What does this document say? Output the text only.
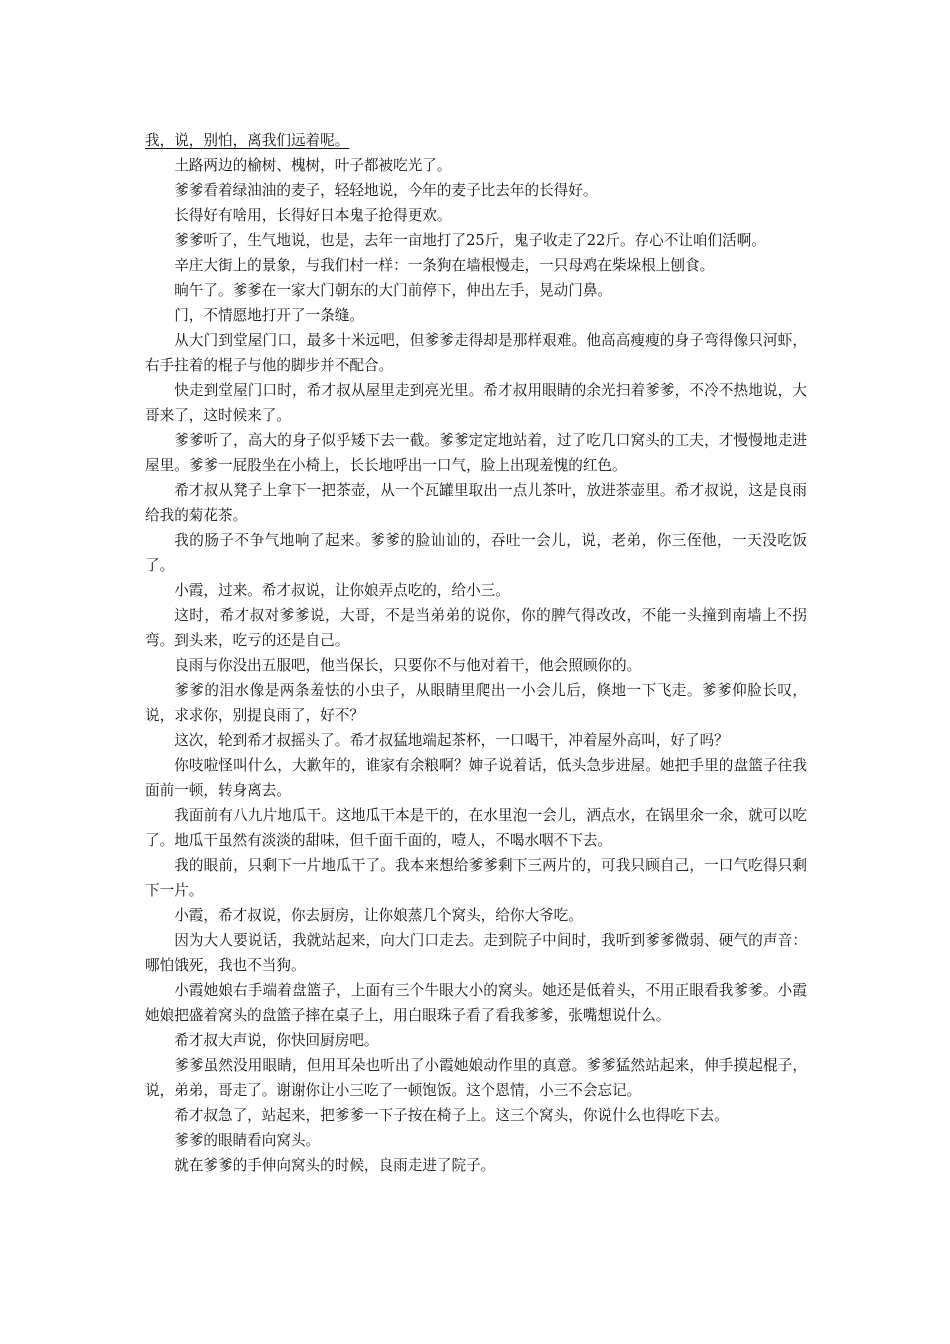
我，说，别怕，离我们远着呢。

土路两边的榆树、槐树，叶子都被吃光了。

爹爹看着绿油油的麦子，轻轻地说，今年的麦子比去年的长得好。

长得好有啥用，长得好日本鬼子抢得更欢。

爹爹听了，生气地说，也是，去年一亩地打了25斤，鬼子收走了22斤。存心不让咱们活啊。

辛庄大街上的景象，与我们村一样：一条狗在墙根慢走，一只母鸡在柴垛根上刨食。

晌午了。爹爹在一家大门朝东的大门前停下，伸出左手，晃动门鼻。

门，不情愿地打开了一条缝。

从大门到堂屋门口，最多十米远吧，但爹爹走得却是那样艰难。他高高瘦瘦的身子弯得像只河虾，右手拄着的棍子与他的脚步并不配合。

快走到堂屋门口时，希才叔从屋里走到亮光里。希才叔用眼睛的余光扫着爹爹，不冷不热地说，大哥来了，这时候来了。

爹爹听了，高大的身子似乎矮下去一截。爹爹定定地站着，过了吃几口窝头的工夫，才慢慢地走进屋里。爹爹一屁股坐在小椅上，长长地呼出一口气，脸上出现羞愧的红色。

希才叔从凳子上拿下一把茶壶，从一个瓦罐里取出一点儿茶叶，放进茶壶里。希才叔说，这是良雨给我的菊花茶。

我的肠子不争气地响了起来。爹爹的脸讪讪的，吞吐一会儿，说，老弟，你三侄他，一天没吃饭了。

小霞，过来。希才叔说，让你娘弄点吃的，给小三。

这时，希才叔对爹爹说，大哥，不是当弟弟的说你，你的脾气得改改，不能一头撞到南墙上不拐弯。到头来，吃亏的还是自己。

良雨与你没出五服吧，他当保长，只要你不与他对着干，他会照顾你的。

爹爹的泪水像是两条羞怯的小虫子，从眼睛里爬出一小会儿后，倏地一下飞走。爹爹仰脸长叹，说，求求你，别提良雨了，好不？

这次，轮到希才叔摇头了。希才叔猛地端起茶杯，一口喝干，冲着屋外高叫，好了吗？

你吱啦怪叫什么，大歉年的，谁家有余粮啊？婶子说着话，低头急步进屋。她把手里的盘篮子往我面前一顿，转身离去。

我面前有八九片地瓜干。这地瓜干本是干的，在水里泡一会儿，洒点水，在锅里氽一氽，就可以吃了。地瓜干虽然有淡淡的甜味，但千面千面的，噎人，不喝水咽不下去。

我的眼前，只剩下一片地瓜干了。我本来想给爹爹剩下三两片的，可我只顾自己，一口气吃得只剩下一片。

小霞，希才叔说，你去厨房，让你娘蒸几个窝头，给你大爷吃。

因为大人要说话，我就站起来，向大门口走去。走到院子中间时，我听到爹爹微弱、硬气的声音：哪怕饿死，我也不当狗。

小霞她娘右手端着盘篮子，上面有三个牛眼大小的窝头。她还是低着头，不用正眼看我爹爹。小霞她娘把盛着窝头的盘篮子摔在桌子上，用白眼珠子看了看我爹爹，张嘴想说什么。

希才叔大声说，你快回厨房吧。

爹爹虽然没用眼睛，但用耳朵也听出了小霞她娘动作里的真意。爹爹猛然站起来，伸手摸起棍子，说，弟弟，哥走了。谢谢你让小三吃了一顿饱饭。这个恩情，小三不会忘记。

希才叔急了，站起来，把爹爹一下子按在椅子上。这三个窝头，你说什么也得吃下去。

爹爹的眼睛看向窝头。

就在爹爹的手伸向窝头的时候，良雨走进了院子。
